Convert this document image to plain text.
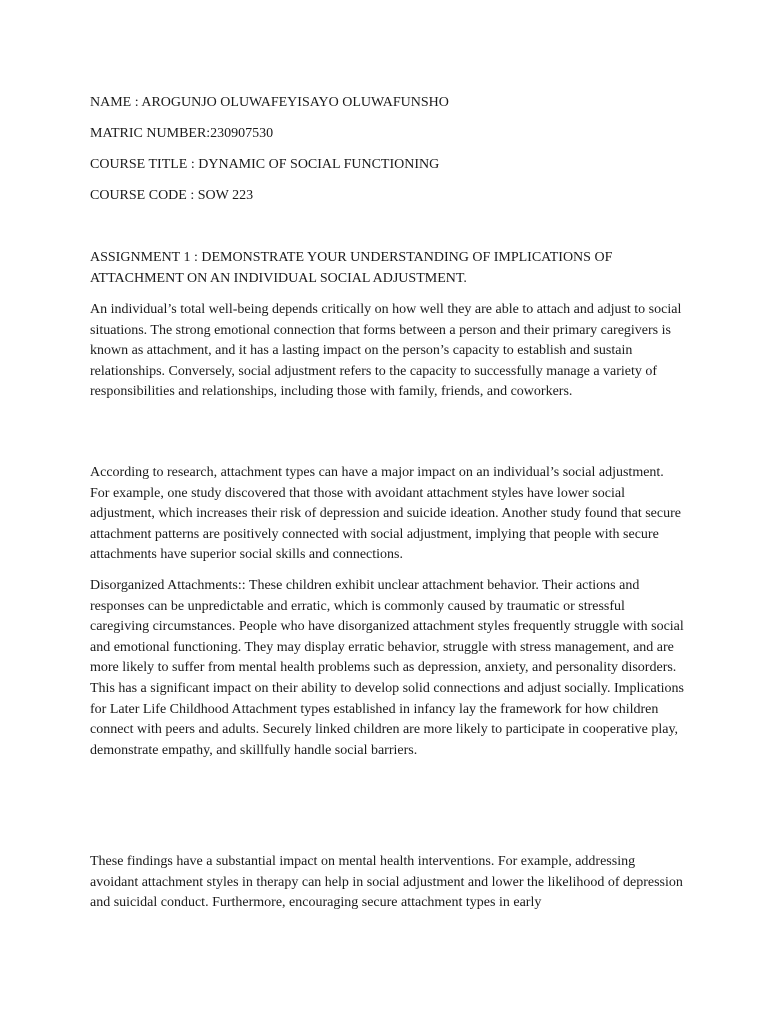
NAME : AROGUNJO OLUWAFEYISAYO OLUWAFUNSHO

MATRIC NUMBER:230907530

COURSE TITLE : DYNAMIC OF SOCIAL FUNCTIONING

COURSE CODE : SOW 223

ASSIGNMENT 1 : DEMONSTRATE YOUR UNDERSTANDING OF IMPLICATIONS OF ATTACHMENT ON AN INDIVIDUAL SOCIAL ADJUSTMENT.

An individual’s total well-being depends critically on how well they are able to attach and adjust to social situations. The strong emotional connection that forms between a person and their primary caregivers is known as attachment, and it has a lasting impact on the person’s capacity to establish and sustain relationships. Conversely, social adjustment refers to the capacity to successfully manage a variety of responsibilities and relationships, including those with family, friends, and coworkers.

According to research, attachment types can have a major impact on an individual’s social adjustment. For example, one study discovered that those with avoidant attachment styles have lower social adjustment, which increases their risk of depression and suicide ideation. Another study found that secure attachment patterns are positively connected with social adjustment, implying that people with secure attachments have superior social skills and connections.

Disorganized Attachments:: These children exhibit unclear attachment behavior. Their actions and responses can be unpredictable and erratic, which is commonly caused by traumatic or stressful caregiving circumstances. People who have disorganized attachment styles frequently struggle with social and emotional functioning. They may display erratic behavior, struggle with stress management, and are more likely to suffer from mental health problems such as depression, anxiety, and personality disorders. This has a significant impact on their ability to develop solid connections and adjust socially. Implications for Later Life Childhood Attachment types established in infancy lay the framework for how children connect with peers and adults. Securely linked children are more likely to participate in cooperative play, demonstrate empathy, and skillfully handle social barriers.

These findings have a substantial impact on mental health interventions. For example, addressing avoidant attachment styles in therapy can help in social adjustment and lower the likelihood of depression and suicidal conduct. Furthermore, encouraging secure attachment types in early
